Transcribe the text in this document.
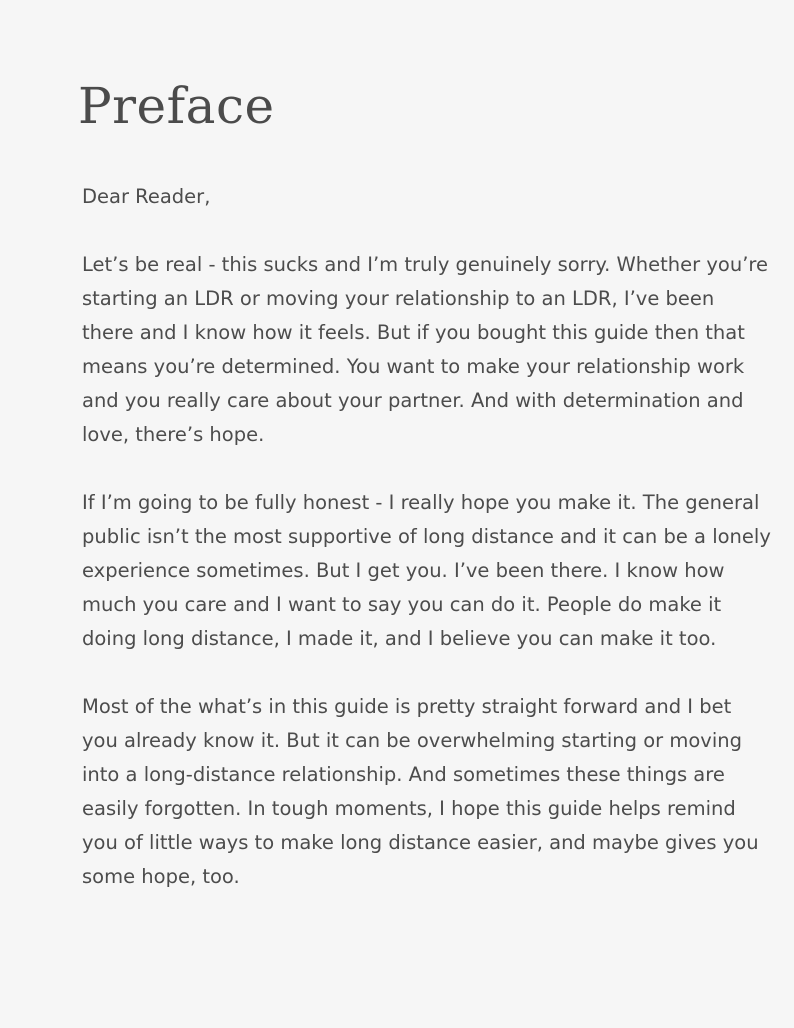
Preface

Dear Reader,

Let’s be real - this sucks and I’m truly genuinely sorry. Whether you’re starting an LDR or moving your relationship to an LDR, I’ve been there and I know how it feels. But if you bought this guide then that means you’re determined. You want to make your relationship work and you really care about your partner. And with determination and love, there’s hope.

If I’m going to be fully honest - I really hope you make it. The general public isn’t the most supportive of long distance and it can be a lonely experience sometimes. But I get you. I’ve been there. I know how much you care and I want to say you can do it. People do make it doing long distance, I made it, and I believe you can make it too.

Most of the what’s in this guide is pretty straight forward and I bet you already know it. But it can be overwhelming starting or moving into a long-distance relationship. And sometimes these things are easily forgotten. In tough moments, I hope this guide helps remind you of little ways to make long distance easier, and maybe gives you some hope, too.
